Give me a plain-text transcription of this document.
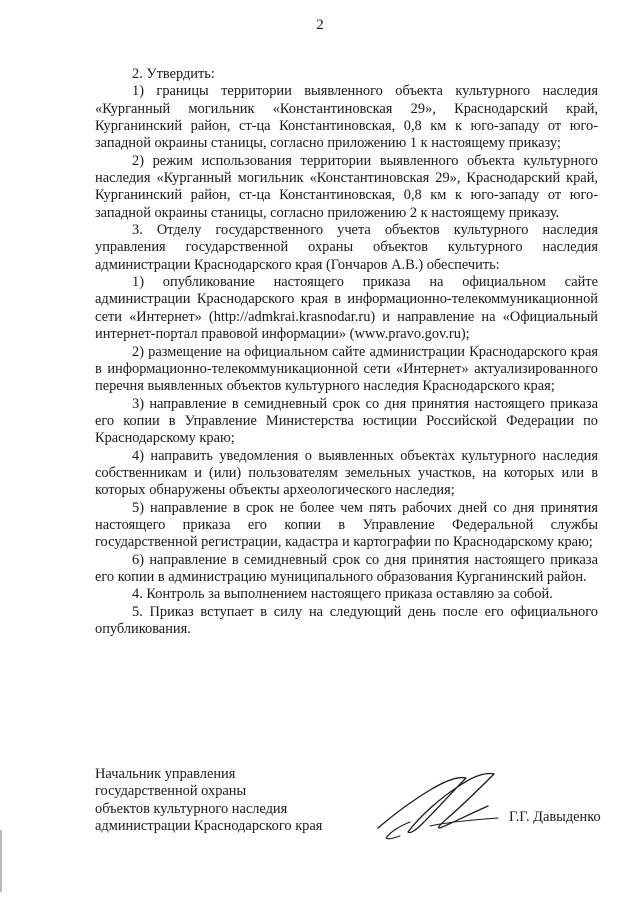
2

2. Утвердить:

1) границы территории выявленного объекта культурного наследия «Курганный могильник «Константиновская 29», Краснодарский край, Курганинский район, ст-ца Константиновская, 0,8 км к юго-западу от юго-западной окраины станицы, согласно приложению 1 к настоящему приказу;

2) режим использования территории выявленного объекта культурного наследия «Курганный могильник «Константиновская 29», Краснодарский край, Курганинский район, ст-ца Константиновская, 0,8 км к юго-западу от юго-западной окраины станицы, согласно приложению 2 к настоящему приказу.

3. Отделу государственного учета объектов культурного наследия управления государственной охраны объектов культурного наследия администрации Краснодарского края (Гончаров А.В.) обеспечить:

1) опубликование настоящего приказа на официальном сайте администрации Краснодарского края в информационно-телекоммуникационной сети «Интернет» (http://admkrai.krasnodar.ru) и направление на «Официальный интернет-портал правовой информации» (www.pravo.gov.ru);

2) размещение на официальном сайте администрации Краснодарского края в информационно-телекоммуникационной сети «Интернет» актуализированного перечня выявленных объектов культурного наследия Краснодарского края;

3) направление в семидневный срок со дня принятия настоящего приказа его копии в Управление Министерства юстиции Российской Федерации по Краснодарскому краю;

4) направить уведомления о выявленных объектах культурного наследия собственникам и (или) пользователям земельных участков, на которых или в которых обнаружены объекты археологического наследия;

5) направление в срок не более чем пять рабочих дней со дня принятия настоящего приказа его копии в Управление Федеральной службы государственной регистрации, кадастра и картографии по Краснодарскому краю;

6) направление в семидневный срок со дня принятия настоящего приказа его копии в администрацию муниципального образования Курганинский район.

4. Контроль за выполнением настоящего приказа оставляю за собой.

5. Приказ вступает в силу на следующий день после его официального опубликования.

Начальник управления
государственной охраны
объектов культурного наследия
администрации Краснодарского края
Г.Г. Давыденко
